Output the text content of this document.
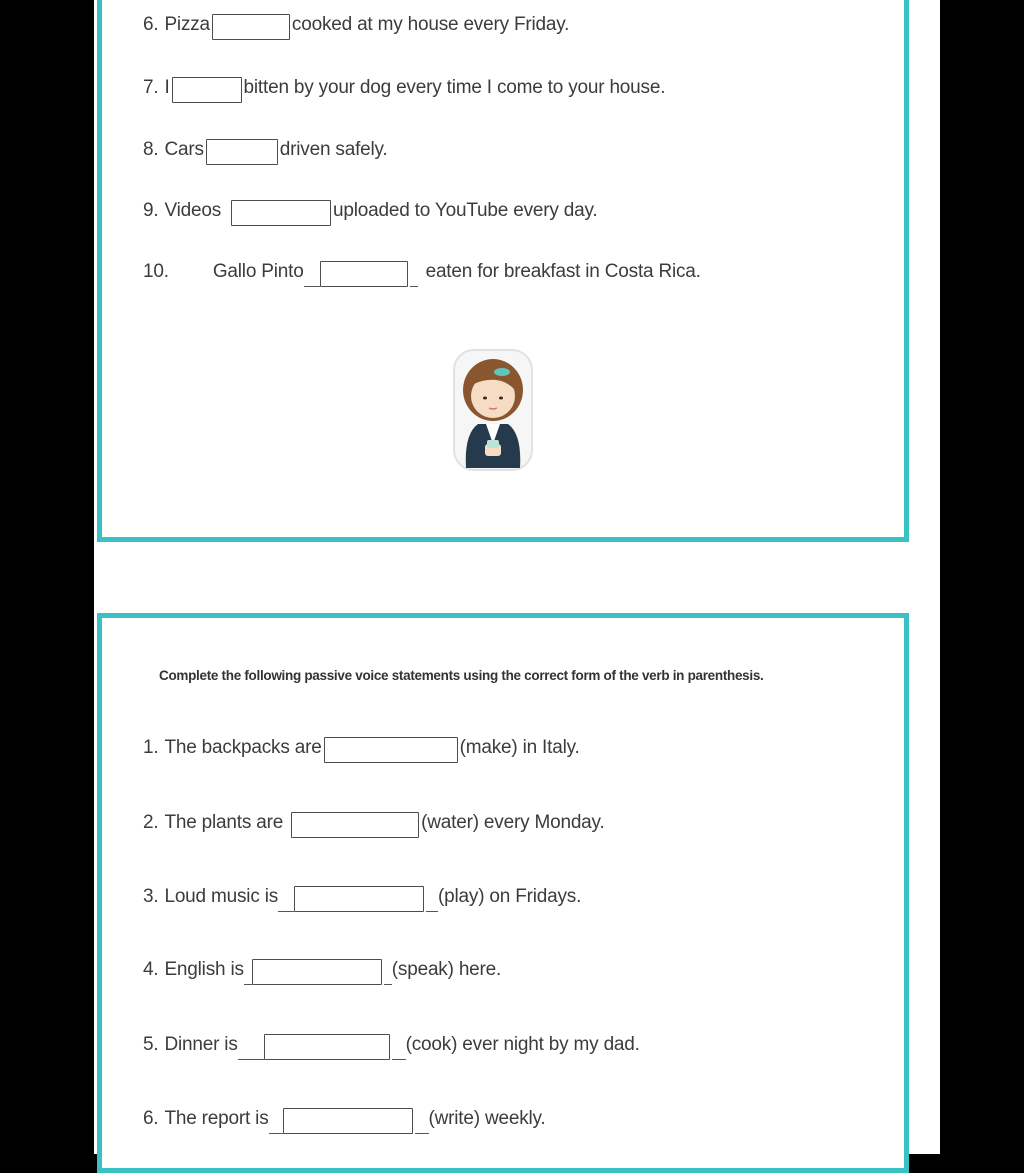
6. Pizza	cooked at my house every Friday.
7. I	bitten by your dog every time I come to your house.
8. Cars	driven safely.
9. Videos	uploaded to YouTube every day.
10. Gallo Pinto	eaten for breakfast in Costa Rica.
Complete the following passive voice statements using the correct form of the verb in parenthesis.
1. The backpacks are	(make) in Italy.
2. The plants are	(water) every Monday.
3. Loud music is	(play) on Fridays.
4. English is	(speak) here.
5. Dinner is	(cook) ever night by my dad.
6. The report is	(write) weekly.
